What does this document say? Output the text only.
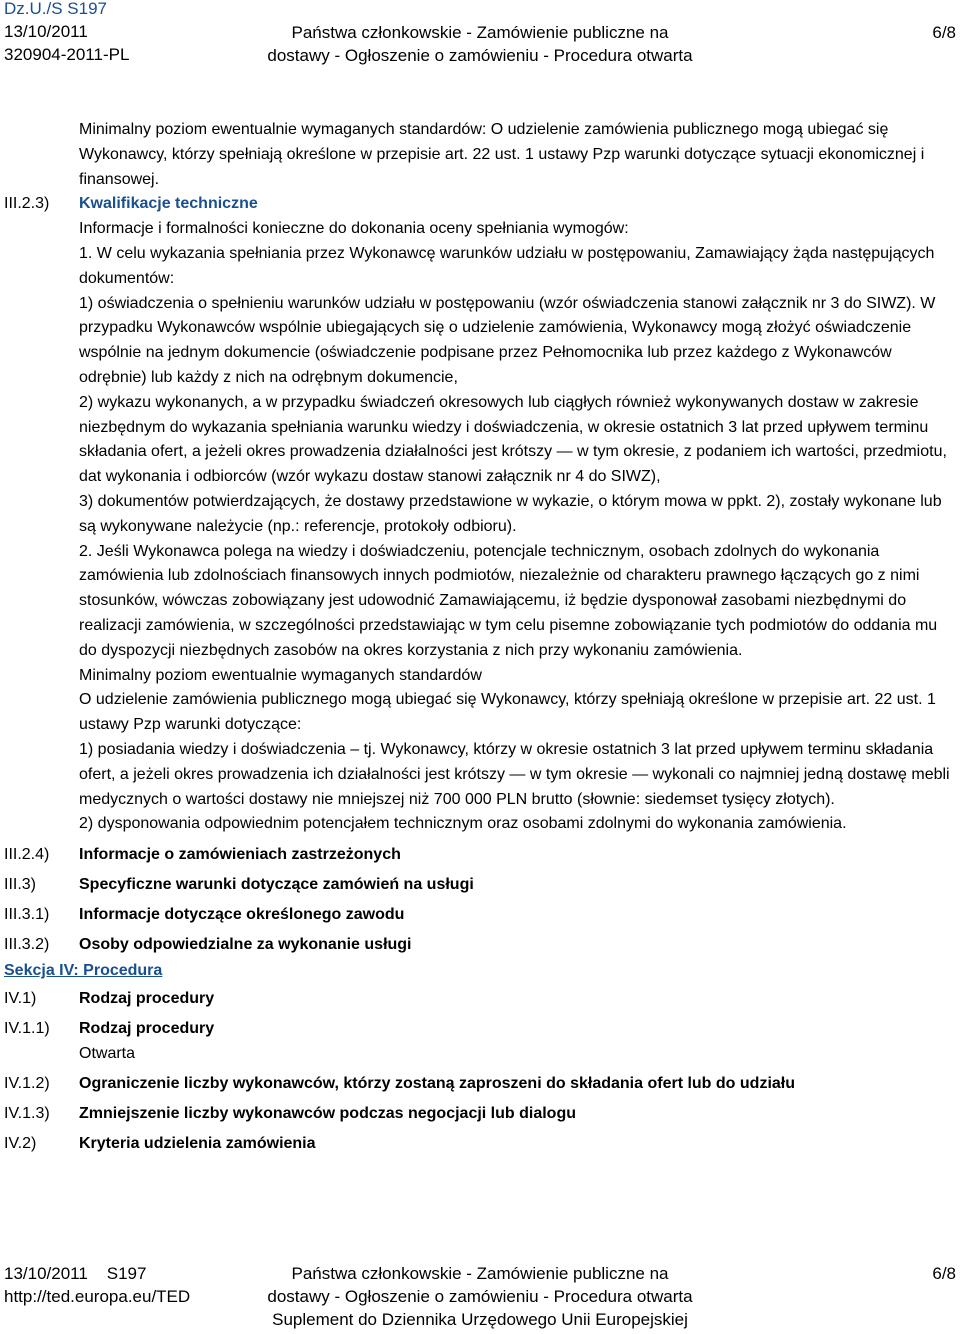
Dz.U./S S197
13/10/2011
320904-2011-PL
Państwa członkowskie - Zamówienie publiczne na
dostawy - Ogłoszenie o zamówieniu - Procedura otwarta
6/8

Minimalny poziom ewentualnie wymaganych standardów: O udzielenie zamówienia publicznego mogą ubiegać się Wykonawcy, którzy spełniają określone w przepisie art. 22 ust. 1 ustawy Pzp warunki dotyczące sytuacji ekonomicznej i finansowej.

III.2.3)	Kwalifikacje techniczne

Informacje i formalności konieczne do dokonania oceny spełniania wymogów:

1. W celu wykazania spełniania przez Wykonawcę warunków udziału w postępowaniu, Zamawiający żąda następujących dokumentów:

1) oświadczenia o spełnieniu warunków udziału w postępowaniu (wzór oświadczenia stanowi załącznik nr 3 do SIWZ). W przypadku Wykonawców wspólnie ubiegających się o udzielenie zamówienia, Wykonawcy mogą złożyć oświadczenie wspólnie na jednym dokumencie (oświadczenie podpisane przez Pełnomocnika lub przez każdego z Wykonawców odrębnie) lub każdy z nich na odrębnym dokumencie,

2) wykazu wykonanych, a w przypadku świadczeń okresowych lub ciągłych również wykonywanych dostaw w zakresie niezbędnym do wykazania spełniania warunku wiedzy i doświadczenia, w okresie ostatnich 3 lat przed upływem terminu składania ofert, a jeżeli okres prowadzenia działalności jest krótszy — w tym okresie, z podaniem ich wartości, przedmiotu, dat wykonania i odbiorców (wzór wykazu dostaw stanowi załącznik nr 4 do SIWZ),

3) dokumentów potwierdzających, że dostawy przedstawione w wykazie, o którym mowa w ppkt. 2), zostały wykonane lub są wykonywane należycie (np.: referencje, protokoły odbioru).

2. Jeśli Wykonawca polega na wiedzy i doświadczeniu, potencjale technicznym, osobach zdolnych do wykonania zamówienia lub zdolnościach finansowych innych podmiotów, niezależnie od charakteru prawnego łączących go z nimi stosunków, wówczas zobowiązany jest udowodnić Zamawiającemu, iż będzie dysponował zasobami niezbędnymi do realizacji zamówienia, w szczególności przedstawiając w tym celu pisemne zobowiązanie tych podmiotów do oddania mu do dyspozycji niezbędnych zasobów na okres korzystania z nich przy wykonaniu zamówienia.

Minimalny poziom ewentualnie wymaganych standardów

O udzielenie zamówienia publicznego mogą ubiegać się Wykonawcy, którzy spełniają określone w przepisie art. 22 ust. 1 ustawy Pzp warunki dotyczące:

1) posiadania wiedzy i doświadczenia – tj. Wykonawcy, którzy w okresie ostatnich 3 lat przed upływem terminu składania ofert, a jeżeli okres prowadzenia ich działalności jest krótszy — w tym okresie — wykonali co najmniej jedną dostawę mebli medycznych o wartości dostawy nie mniejszej niż 700 000 PLN brutto (słownie: siedemset tysięcy złotych).

2) dysponowania odpowiednim potencjałem technicznym oraz osobami zdolnymi do wykonania zamówienia.

III.2.4)	Informacje o zamówieniach zastrzeżonych
III.3)	Specyficzne warunki dotyczące zamówień na usługi
III.3.1)	Informacje dotyczące określonego zawodu
III.3.2)	Osoby odpowiedzialne za wykonanie usługi
Sekcja IV: Procedura
IV.1)	Rodzaj procedury
IV.1.1)	Rodzaj procedury

Otwarta

IV.1.2)	Ograniczenie liczby wykonawców, którzy zostaną zaproszeni do składania ofert lub do udziału
IV.1.3)	Zmniejszenie liczby wykonawców podczas negocjacji lub dialogu
IV.2)	Kryteria udzielenia zamówienia
13/10/2011 S197
http://ted.europa.eu/TED
Państwa członkowskie - Zamówienie publiczne na
dostawy - Ogłoszenie o zamówieniu - Procedura otwarta
Suplement do Dziennika Urzędowego Unii Europejskiej
6/8
